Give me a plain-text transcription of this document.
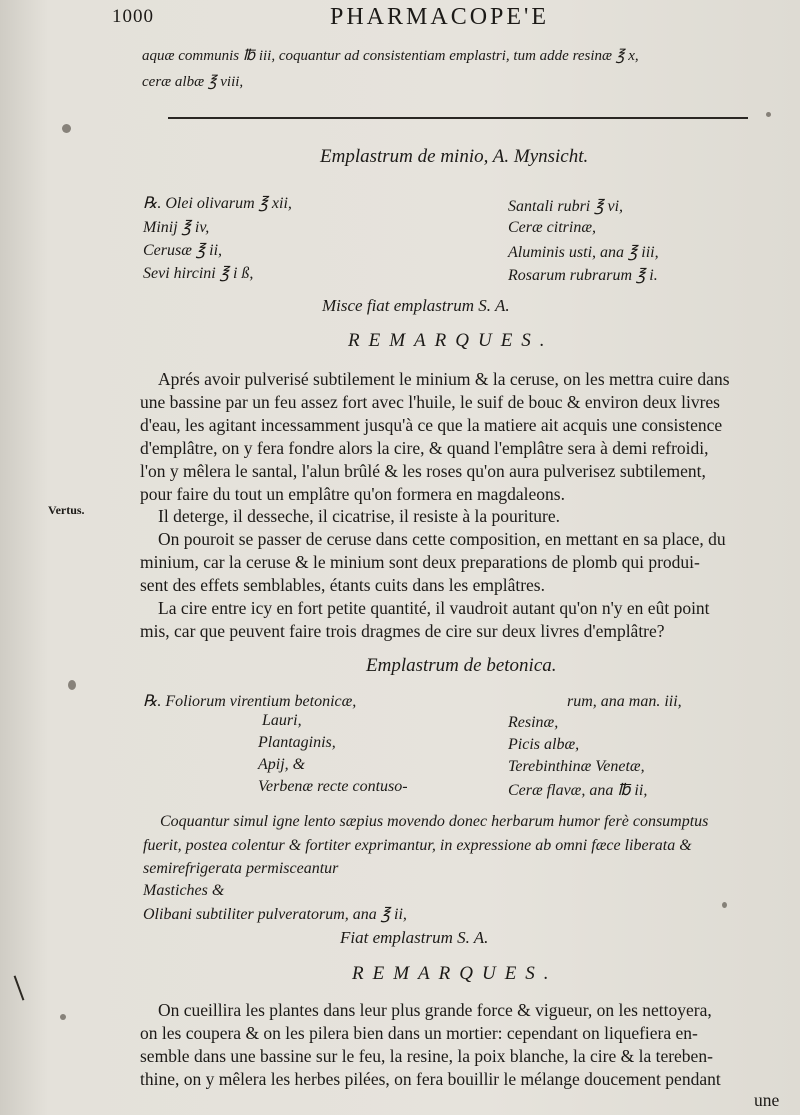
1000	PHARMACOPE'E
aquæ communis ℔ iii, coquantur ad consistentiam emplastri, tum adde resinæ ℥ x,
ceræ albæ ℥ viii,
Emplastrum de minio, A. Mynsicht.
℞. Olei olivarum ℥ xii,
Minij ℥ iv,
Cerusæ ℥ ii,
Sevi hircini ℥ i ß,
Santali rubri ℥ vi,
Ceræ citrinæ,
Aluminis usti, ana ℥ iii,
Rosarum rubrarum ℥ i.
Misce fiat emplastrum S. A.
REMARQUES.
Aprés avoir pulverisé subtilement le minium & la ceruse, on les mettra cuire dans
une bassine par un feu assez fort avec l'huile, le suif de bouc & environ deux livres
d'eau, les agitant incessamment jusqu'à ce que la matiere ait acquis une consistence
d'emplâtre, on y fera fondre alors la cire, & quand l'emplâtre sera à demi refroidi,
l'on y mêlera le santal, l'alun brûlé & les roses qu'on aura pulverisez subtilement,
pour faire du tout un emplâtre qu'on formera en magdaleons.
Il deterge, il desseche, il cicatrise, il resiste à la pouriture.
On pouroit se passer de ceruse dans cette composition, en mettant en sa place, du
minium, car la ceruse & le minium sont deux preparations de plomb qui produi-
sent des effets semblables, étants cuits dans les emplâtres.
La cire entre icy en fort petite quantité, il vaudroit autant qu'on n'y en eût point
mis, car que peuvent faire trois dragmes de cire sur deux livres d'emplâtre?
Vertus.
Emplastrum de betonica.
℞. Foliorum virentium betonicæ,	rum, ana man. iii,
Lauri,
Plantaginis,
Apij, &
Verbenæ recte contuso-
Resinæ,
Picis albæ,
Terebinthinæ Venetæ,
Ceræ flavæ, ana ℔ ii,
Coquantur simul igne lento sæpius movendo donec herbarum humor ferè consumptus
fuerit, postea colentur & fortiter exprimantur, in expressione ab omni fæce liberata &
semirefrigerata permisceantur
Mastiches &
Olibani subtiliter pulveratorum, ana ℥ ii,
Fiat emplastrum S. A.
REMARQUES.
On cueillira les plantes dans leur plus grande force & vigueur, on les nettoyera,
on les coupera & on les pilera bien dans un mortier: cependant on liquefiera en-
semble dans une bassine sur le feu, la resine, la poix blanche, la cire & la tereben-
thine, on y mêlera les herbes pilées, on fera bouillir le mélange doucement pendant
une
